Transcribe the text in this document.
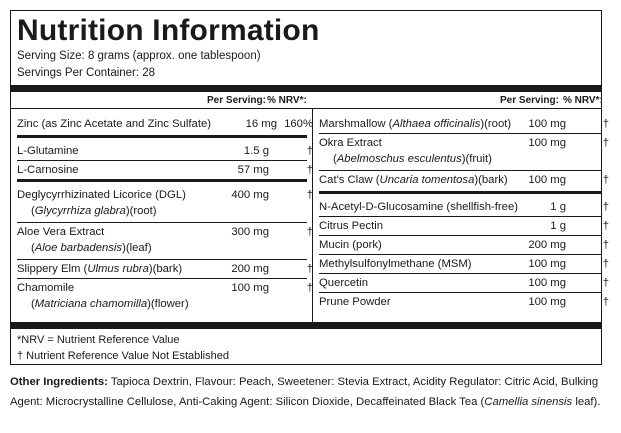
Nutrition Information
Serving Size: 8 grams (approx. one tablespoon)
Servings Per Container: 28
Per Serving: % NRV*:	Per Serving: % NRV*:
Zinc (as Zinc Acetate and Zinc Sulfate)	16 mg 160%
L-Glutamine	1.5 g	†
L-Carnosine	57 mg	†
Deglycyrrhizinated Licorice (DGL)
(Glycyrrhiza glabra)(root)
400 mg	†
Aloe Vera Extract
(Aloe barbadensis)(leaf)
300 mg	†
Slippery Elm (Ulmus rubra)(bark)	200 mg	†
Chamomile
(Matriciana chamomilla)(flower)
100 mg	†
Marshmallow (Althaea officinalis)(root)	100 mg	†
Okra Extract
(Abelmoschus esculentus)(fruit)
100 mg	†
Cat's Claw (Uncaria tomentosa)(bark)	100 mg	†
N-Acetyl-D-Glucosamine (shellfish-free)	1 g	†
Citrus Pectin	1 g	†
Mucin (pork)	200 mg	†
Methylsulfonylmethane (MSM)	100 mg	†
Quercetin	100 mg	†
Prune Powder	100 mg	†
*NRV = Nutrient Reference Value
† Nutrient Reference Value Not Established
Other Ingredients: Tapioca Dextrin, Flavour: Peach, Sweetener: Stevia Extract, Acidity Regulator: Citric Acid, Bulking
Agent: Microcrystalline Cellulose, Anti-Caking Agent: Silicon Dioxide, Decaffeinated Black Tea (Camellia sinensis leaf).
